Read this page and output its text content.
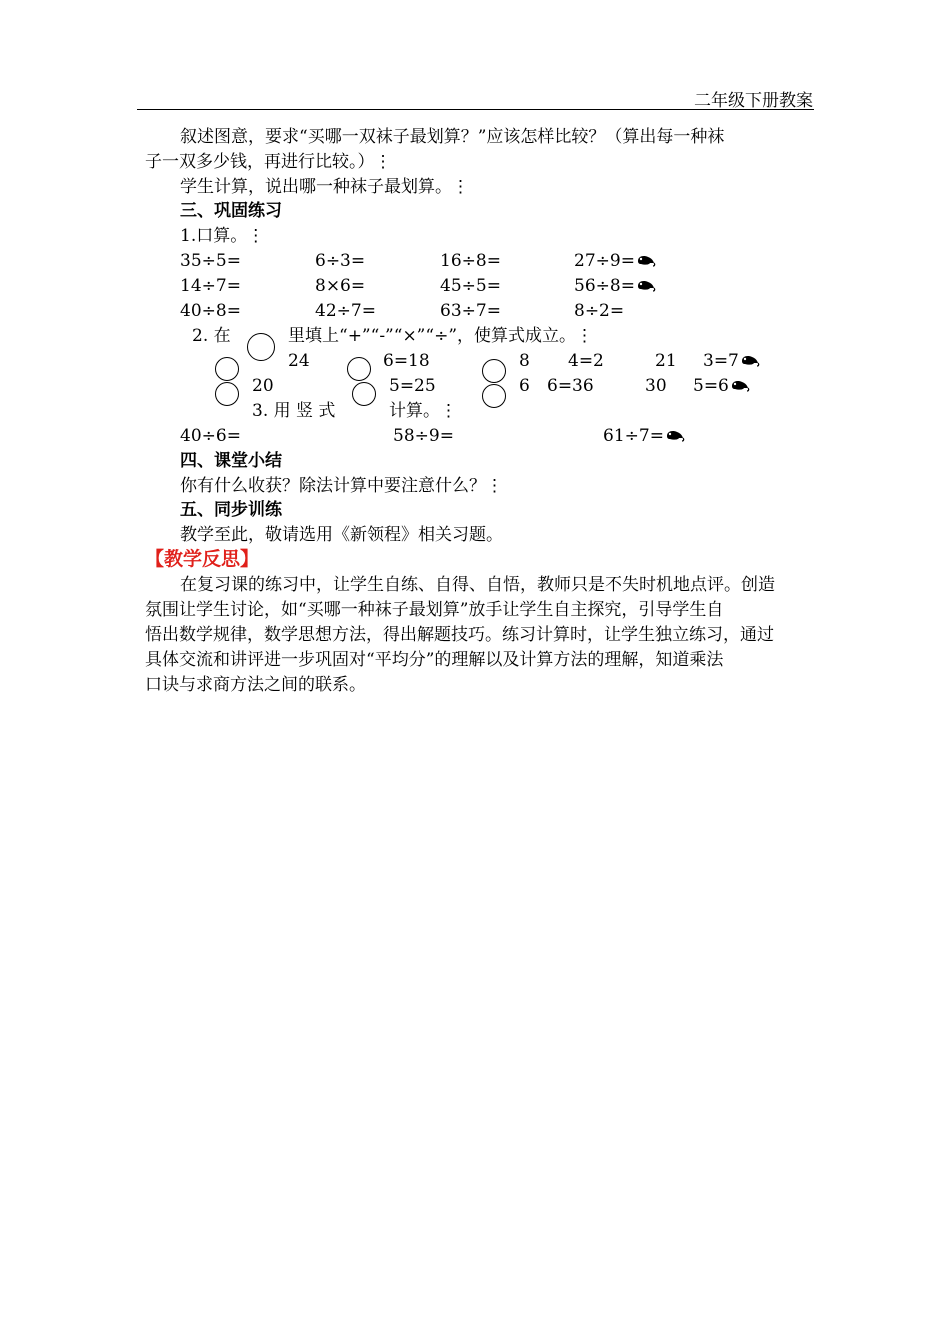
二年级下册教案
叙述图意，要求“买哪一双袜子最划算？”应该怎样比较？（算出每一种袜
子一双多少钱，再进行比较。）⋮
学生计算，说出哪一种袜子最划算。⋮
三、巩固练习
1.口算。⋮
35÷5=	6÷3=	16÷8=	27÷9=
14÷7=	8×6=	45÷5=	56÷8=
40÷8=	42÷7=	63÷7=	8÷2=
2. 在	里填上“+”“-”“×”“÷”，使算式成立。⋮
24	6=18	8 4=2	21 3=7
20	5=25	6 6=36	30 5=6
3. 用 竖 式	计算。⋮
40÷6=	58÷9=	61÷7=
四、课堂小结
你有什么收获？除法计算中要注意什么？⋮
五、同步训练
教学至此，敬请选用《新领程》相关习题。
【教学反思】
在复习课的练习中，让学生自练、自得、自悟，教师只是不失时机地点评。创造
氛围让学生讨论，如“买哪一种袜子最划算”放手让学生自主探究，引导学生自
悟出数学规律，数学思想方法，得出解题技巧。练习计算时，让学生独立练习，通过
具体交流和讲评进一步巩固对“平均分”的理解以及计算方法的理解，知道乘法
口诀与求商方法之间的联系。
